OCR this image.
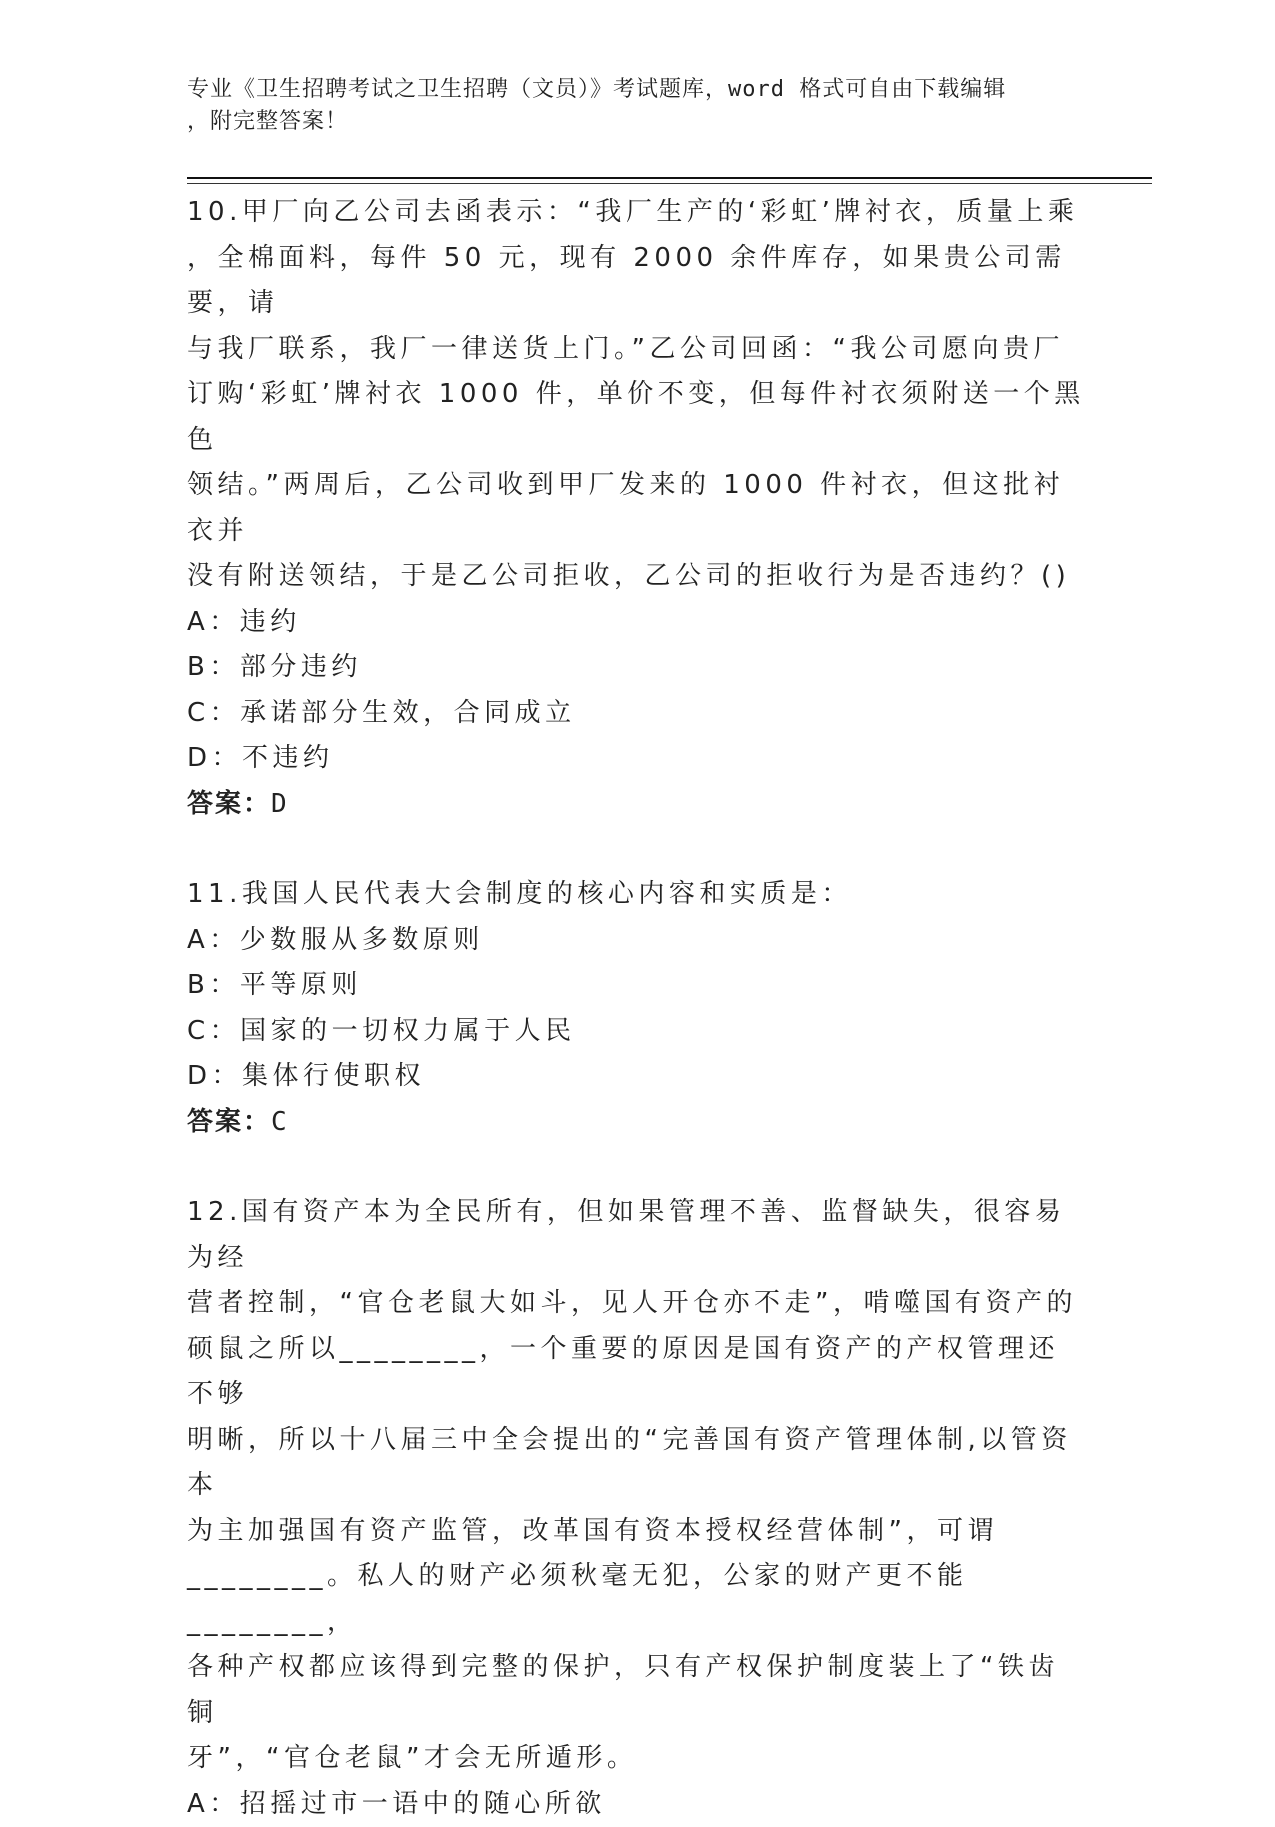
专业《卫生招聘考试之卫生招聘（文员）》考试题库，word 格式可自由下载编辑
，附完整答案！
10.甲厂向乙公司去函表示：“我厂生产的‘彩虹’牌衬衣，质量上乘
，全棉面料，每件 50 元，现有 2000 余件库存，如果贵公司需要，请
与我厂联系，我厂一律送货上门。”乙公司回函：“我公司愿向贵厂
订购‘彩虹’牌衬衣 1000 件，单价不变，但每件衬衣须附送一个黑色
领结。”两周后，乙公司收到甲厂发来的 1000 件衬衣，但这批衬衣并
没有附送领结，于是乙公司拒收，乙公司的拒收行为是否违约？()
A：违约
B：部分违约
C：承诺部分生效，合同成立
D：不违约
答案：D
11.我国人民代表大会制度的核心内容和实质是：
A：少数服从多数原则
B：平等原则
C：国家的一切权力属于人民
D：集体行使职权
答案：C
12.国有资产本为全民所有，但如果管理不善、监督缺失，很容易为经
营者控制，“官仓老鼠大如斗，见人开仓亦不走”，啃噬国有资产的
硕鼠之所以________，一个重要的原因是国有资产的产权管理还不够
明晰，所以十八届三中全会提出的“完善国有资产管理体制,以管资本
为主加强国有资产监管，改革国有资本授权经营体制”，可谓
________。私人的财产必须秋毫无犯，公家的财产更不能________，
各种产权都应该得到完整的保护，只有产权保护制度装上了“铁齿铜
牙”，“官仓老鼠”才会无所遁形。
A：招摇过市一语中的随心所欲
